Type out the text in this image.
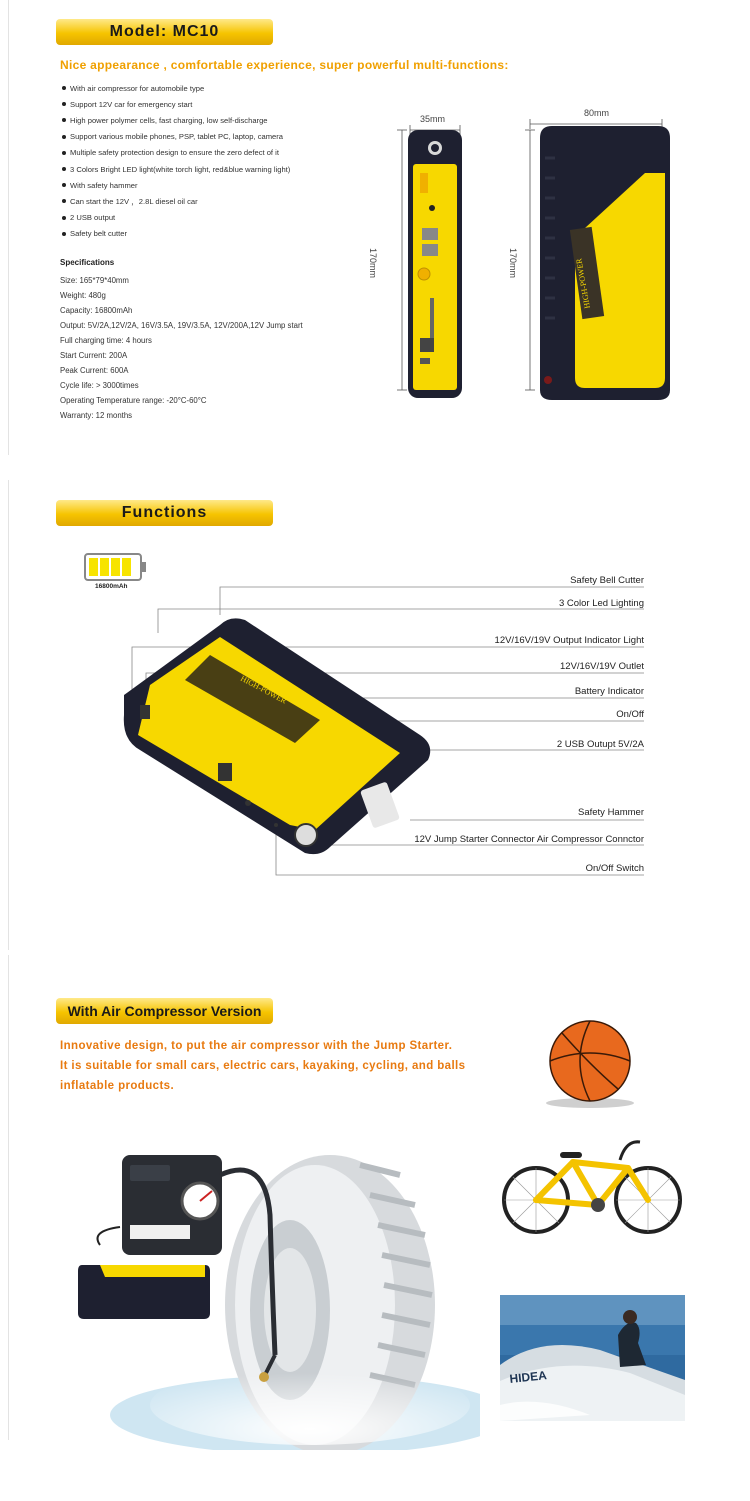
Model: MC10
Nice appearance , comfortable experience, super powerful multi-functions:
With air compressor for automobile type
Support 12V car for emergency start
High power polymer cells, fast charging, low self-discharge
Support various mobile phones, PSP, tablet PC, laptop, camera
Multiple safety protection design to ensure the zero defect of it
3 Colors Bright LED light(white torch light, red&blue warning light)
With safety hammer
Can start the 12V ，2.8L diesel oil car
2 USB output
Safety belt cutter
Specifications
Size: 165*79*40mm
Weight: 480g
Capacity: 16800mAh
Output: 5V/2A,12V/2A, 16V/3.5A, 19V/3.5A, 12V/200A,12V Jump start
Full charging time: 4 hours
Start Current: 200A
Peak Current: 600A
Cycle life: > 3000times
Operating Temperature range: -20°C-60°C
Warranty: 12 months
35mm
80mm
170mm	170mm	HIGH-POWER
Functions
16800mAh
Safety Bell Cutter
3 Color Led Lighting
12V/16V/19V Output Indicator Light
12V/16V/19V Outlet
Battery Indicator
On/Off
2 USB Outupt 5V/2A
Safety Hammer
12V Jump Starter Connector Air Compressor Connctor
On/Off Switch
HIGH-POWER
With Air Compressor Version
Innovative design, to put the air compressor with the Jump Starter.
It is suitable for small cars, electric cars, kayaking, cycling, and balls
inflatable products.
HIDEA
